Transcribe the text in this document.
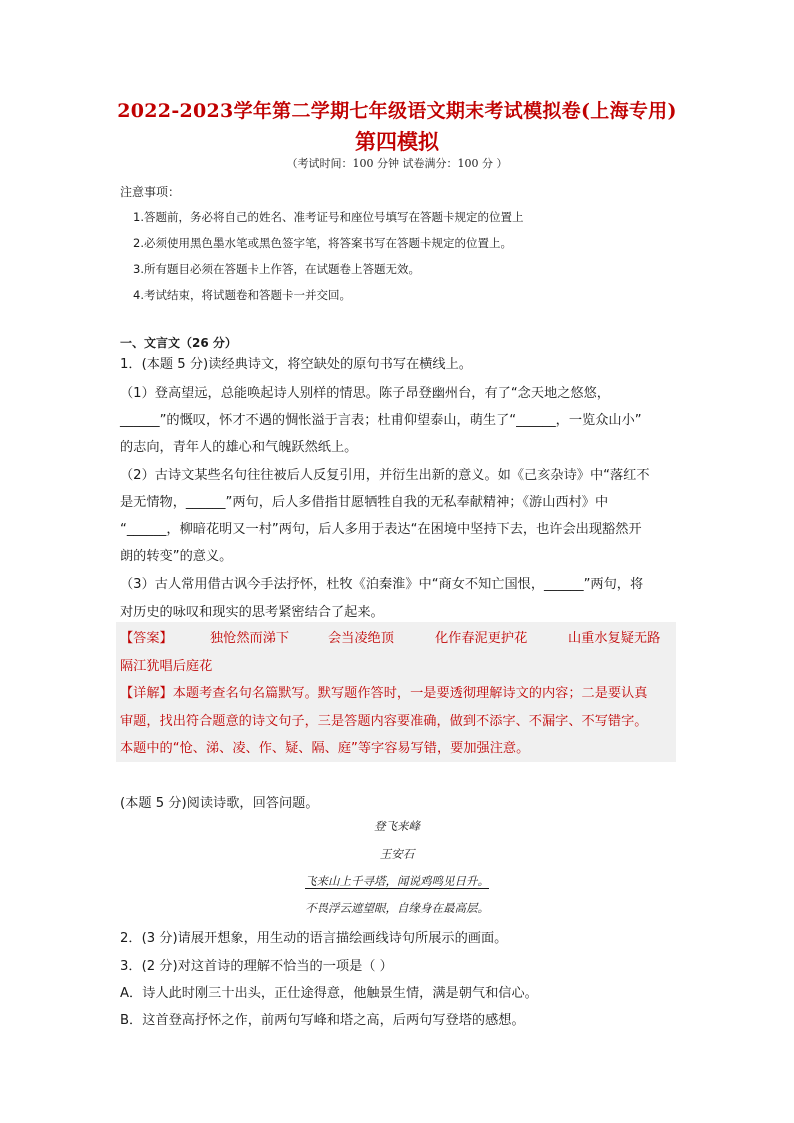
2022-2023学年第二学期七年级语文期末考试模拟卷(上海专用)
第四模拟
（考试时间：100 分钟 试卷满分：100 分 ）
注意事项：
1.答题前，务必将自己的姓名、准考证号和座位号填写在答题卡规定的位置上
2.必须使用黑色墨水笔或黑色签字笔，将答案书写在答题卡规定的位置上。
3.所有题目必须在答题卡上作答，在试题卷上答题无效。
4.考试结束，将试题卷和答题卡一并交回。
一、文言文（26 分）
1．(本题 5 分)读经典诗文，将空缺处的原句书写在横线上。
（1）登高望远，总能唤起诗人别样的情思。陈子昂登幽州台，有了“念天地之悠悠，
______”的慨叹，怀才不遇的惆怅溢于言表；杜甫仰望泰山，萌生了“______，一览众山小”
的志向，青年人的雄心和气魄跃然纸上。
（2）古诗文某些名句往往被后人反复引用，并衍生出新的意义。如《己亥杂诗》中“落红不
是无情物，______”两句，后人多借指甘愿牺牲自我的无私奉献精神；《游山西村》中
“______，柳暗花明又一村”两句，后人多用于表达“在困境中坚持下去，也许会出现豁然开
朗的转变”的意义。
（3）古人常用借古讽今手法抒怀，杜牧《泊秦淮》中“商女不知亡国恨，______”两句，将
对历史的咏叹和现实的思考紧密结合了起来。
【答案】	独怆然而涕下	会当凌绝顶	化作春泥更护花	山重水复疑无路
隔江犹唱后庭花
【详解】本题考查名句名篇默写。默写题作答时，一是要透彻理解诗文的内容；二是要认真
审题，找出符合题意的诗文句子，三是答题内容要准确，做到不添字、不漏字、不写错字。
本题中的“怆、涕、凌、作、疑、隔、庭”等字容易写错，要加强注意。
(本题 5 分)阅读诗歌，回答问题。
登飞来峰
王安石
飞来山上千寻塔，闻说鸡鸣见日升。
不畏浮云遮望眼，自缘身在最高层。
2．(3 分)请展开想象，用生动的语言描绘画线诗句所展示的画面。
3．(2 分)对这首诗的理解不恰当的一项是（ ）
A．诗人此时刚三十出头，正仕途得意，他触景生情，满是朝气和信心。
B．这首登高抒怀之作，前两句写峰和塔之高，后两句写登塔的感想。
